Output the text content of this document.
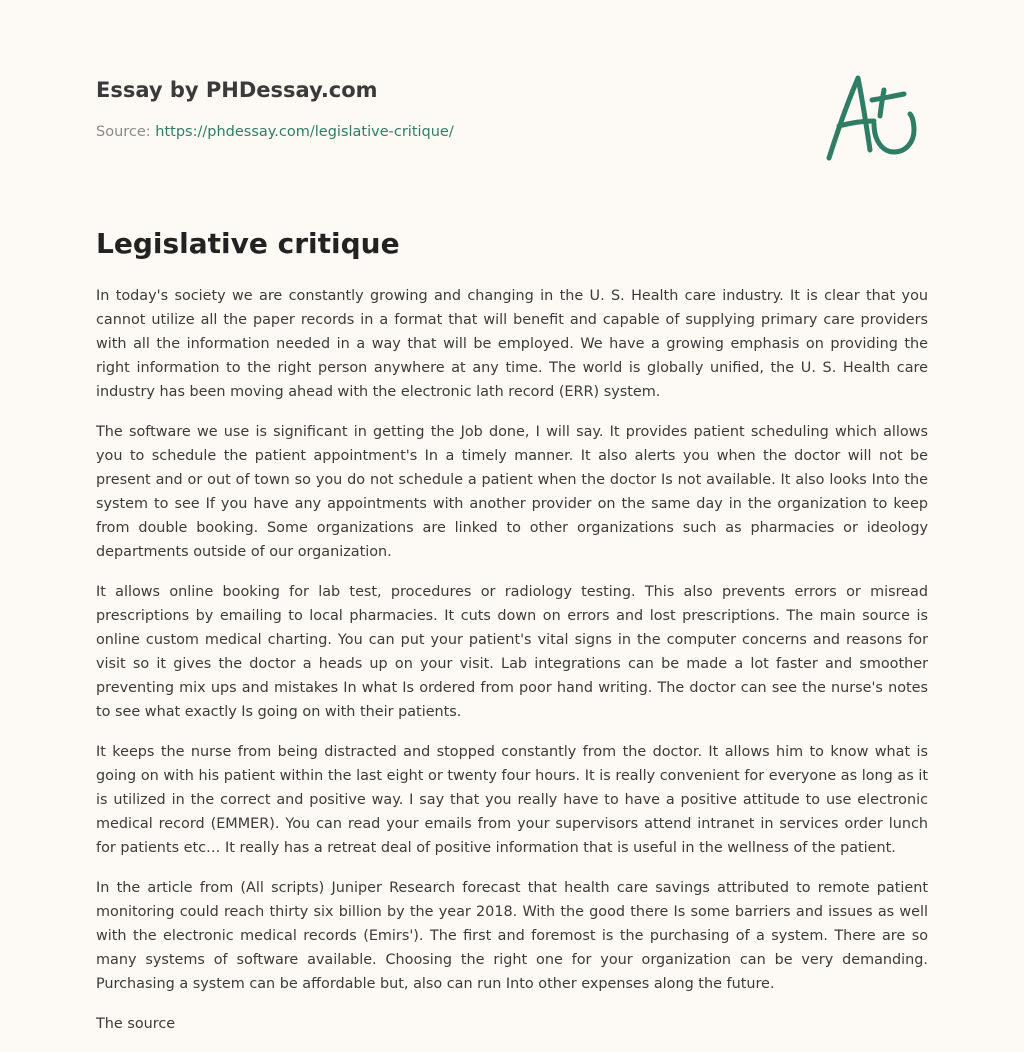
Essay by PHDessay.com
Source: https://phdessay.com/legislative-critique/
Legislative critique

In today's society we are constantly growing and changing in the U. S. Health care industry. It is clear that you cannot utilize all the paper records in a format that will benefit and capable of supplying primary care providers with all the information needed in a way that will be employed. We have a growing emphasis on providing the right information to the right person anywhere at any time. The world is globally unified, the U. S. Health care industry has been moving ahead with the electronic lath record (ERR) system.

The software we use is significant in getting the Job done, I will say. It provides patient scheduling which allows you to schedule the patient appointment's In a timely manner. It also alerts you when the doctor will not be present and or out of town so you do not schedule a patient when the doctor Is not available. It also looks Into the system to see If you have any appointments with another provider on the same day in the organization to keep from double booking. Some organizations are linked to other organizations such as pharmacies or ideology departments outside of our organization.

It allows online booking for lab test, procedures or radiology testing. This also prevents errors or misread prescriptions by emailing to local pharmacies. It cuts down on errors and lost prescriptions. The main source is online custom medical charting. You can put your patient's vital signs in the computer concerns and reasons for visit so it gives the doctor a heads up on your visit. Lab integrations can be made a lot faster and smoother preventing mix ups and mistakes In what Is ordered from poor hand writing. The doctor can see the nurse's notes to see what exactly Is going on with their patients.

It keeps the nurse from being distracted and stopped constantly from the doctor. It allows him to know what is going on with his patient within the last eight or twenty four hours. It is really convenient for everyone as long as it is utilized in the correct and positive way. I say that you really have to have a positive attitude to use electronic medical record (EMMER). You can read your emails from your supervisors attend intranet in services order lunch for patients etc… It really has a retreat deal of positive information that is useful in the wellness of the patient.

In the article from (All scripts) Juniper Research forecast that health care savings attributed to remote patient monitoring could reach thirty six billion by the year 2018. With the good there Is some barriers and issues as well with the electronic medical records (Emirs'). The first and foremost is the purchasing of a system. There are so many systems of software available. Choosing the right one for your organization can be very demanding. Purchasing a system can be affordable but, also can run Into other expenses along the future.

The source
